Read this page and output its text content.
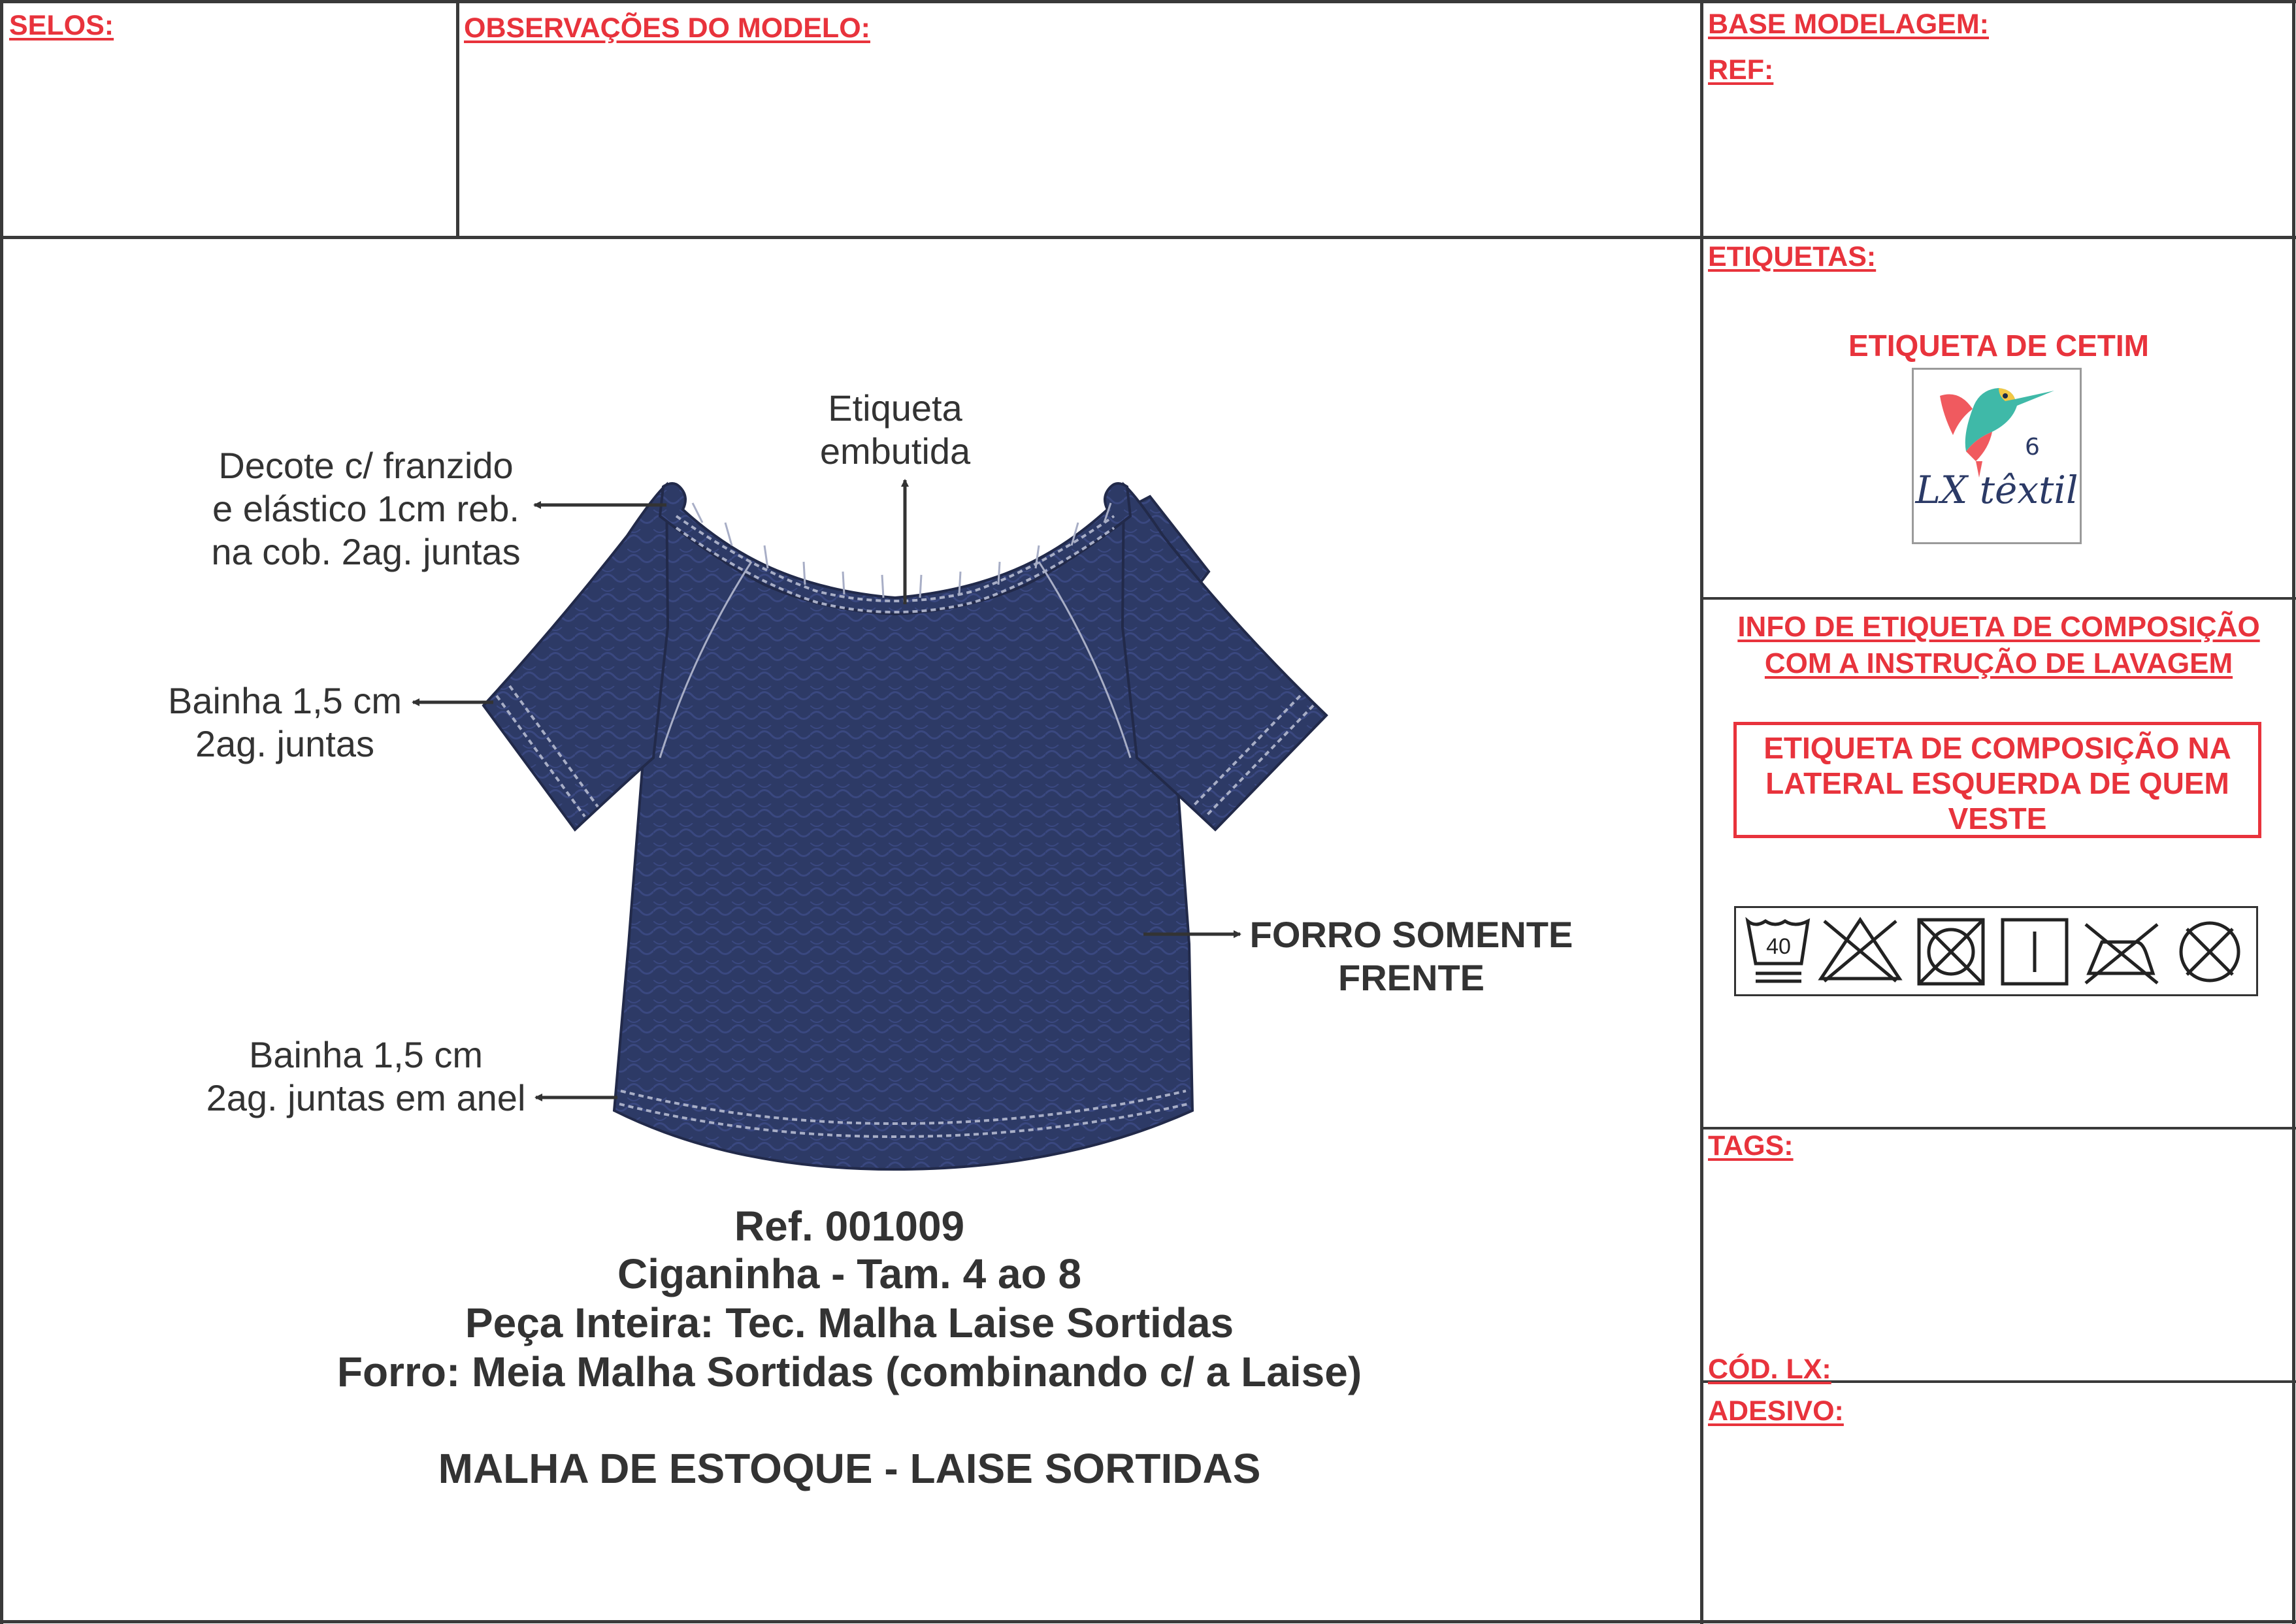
SELOS:	OBSERVAÇÕES DO MODELO:	BASE MODELAGEM:
REF:
Decote c/ franzido
e elástico 1cm reb.
na cob. 2ag. juntas
Etiqueta
embutida
Bainha 1,5 cm
2ag. juntas
FORRO SOMENTE
FRENTE
Bainha 1,5 cm
2ag. juntas em anel
Ref. 001009
Ciganinha - Tam. 4 ao 8
Peça Inteira: Tec. Malha Laise Sortidas
Forro: Meia Malha Sortidas (combinando c/ a Laise)
MALHA DE ESTOQUE - LAISE SORTIDAS
ETIQUETAS:
ETIQUETA DE CETIM
6
LX têxtil
INFO DE ETIQUETA DE COMPOSIÇÃO
COM A INSTRUÇÃO DE LAVAGEM
ETIQUETA DE COMPOSIÇÃO NA
LATERAL ESQUERDA DE QUEM
VESTE
40
TAGS:
CÓD. LX:
ADESIVO:
